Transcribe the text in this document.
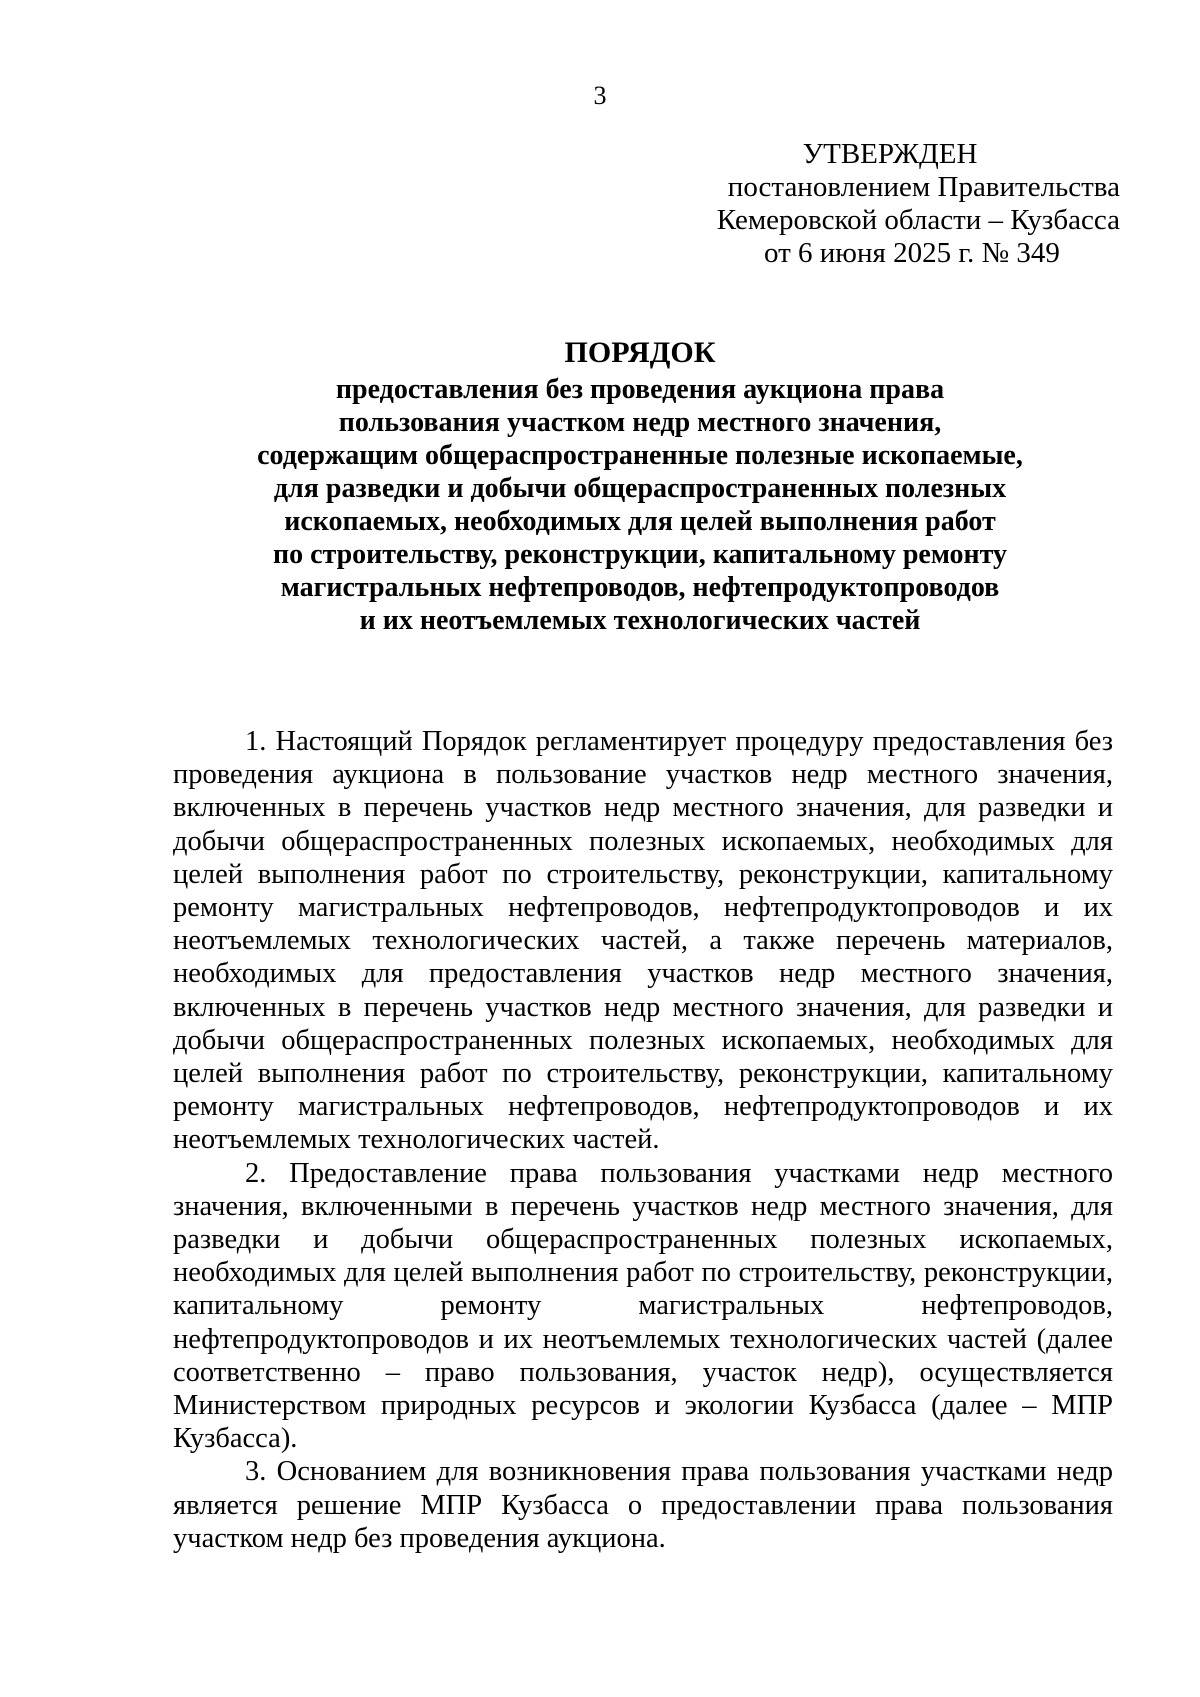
3
УТВЕРЖДЕН
постановлением Правительства
Кемеровской области – Кузбасса
от 6 июня 2025 г. № 349
ПОРЯДОК
предоставления без проведения аукциона права
пользования участком недр местного значения,
содержащим общераспространенные полезные ископаемые,
для разведки и добычи общераспространенных полезных
ископаемых, необходимых для целей выполнения работ
по строительству, реконструкции, капитальному ремонту
магистральных нефтепроводов, нефтепродуктопроводов
и их неотъемлемых технологических частей

1. Настоящий Порядок регламентирует процедуру предоставления без проведения аукциона в пользование участков недр местного значения, включенных в перечень участков недр местного значения, для разведки и добычи общераспространенных полезных ископаемых, необходимых для целей выполнения работ по строительству, реконструкции, капитальному ремонту магистральных нефтепроводов, нефтепродуктопроводов и их неотъемлемых технологических частей, а также перечень материалов, необходимых для предоставления участков недр местного значения, включенных в перечень участков недр местного значения, для разведки и добычи общераспространенных полезных ископаемых, необходимых для целей выполнения работ по строительству, реконструкции, капитальному ремонту магистральных нефтепроводов, нефтепродуктопроводов и их неотъемлемых технологических частей.

2. Предоставление права пользования участками недр местного значения, включенными в перечень участков недр местного значения, для разведки и добычи общераспространенных полезных ископаемых, необходимых для целей выполнения работ по строительству, реконструкции, капитальному ремонту магистральных нефтепроводов, нефтепродуктопроводов и их неотъемлемых технологических частей (далее соответственно – право пользования, участок недр), осуществляется Министерством природных ресурсов и экологии Кузбасса (далее – МПР Кузбасса).

3. Основанием для возникновения права пользования участками недр является решение МПР Кузбасса о предоставлении права пользования участком недр без проведения аукциона.
